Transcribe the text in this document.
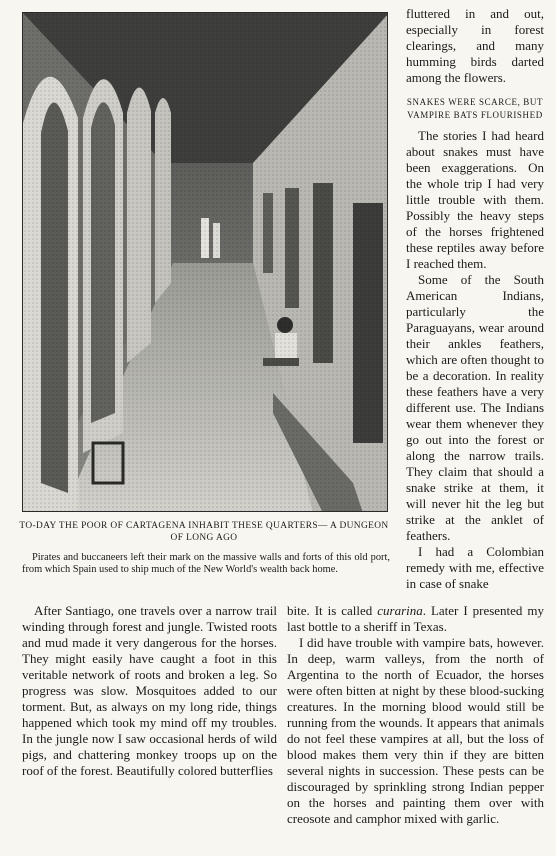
TO-DAY THE POOR OF CARTAGENA INHABIT THESE QUARTERS— A DUNGEON OF LONG AGO

Pirates and buccaneers left their mark on the massive walls and forts of this old port, from which Spain used to ship much of the New World's wealth back home.

fluttered in and out, especially in forest clearings, and many humming birds darted among the flowers.

SNAKES WERE SCARCE, BUT VAMPIRE BATS FLOURISHED

The stories I had heard about snakes must have been exaggerations. On the whole trip I had very little trouble with them. Possibly the heavy steps of the horses frightened these reptiles away before I reached them.

Some of the South American Indians, particularly the Paraguayans, wear around their ankles feathers, which are often thought to be a decoration. In reality these feathers have a very different use. The Indians wear them whenever they go out into the forest or along the narrow trails. They claim that should a snake strike at them, it will never hit the leg but strike at the anklet of feathers.

I had a Colombian remedy with me, effective in case of snake

After Santiago, one travels over a narrow trail winding through forest and jungle. Twisted roots and mud made it very dangerous for the horses. They might easily have caught a foot in this veritable network of roots and broken a leg. So progress was slow. Mosquitoes added to our torment. But, as always on my long ride, things happened which took my mind off my troubles. In the jungle now I saw occasional herds of wild pigs, and chattering monkey troops up on the roof of the forest. Beautifully colored butterflies

bite. It is called curarina. Later I presented my last bottle to a sheriff in Texas.

I did have trouble with vampire bats, however. In deep, warm valleys, from the north of Argentina to the north of Ecuador, the horses were often bitten at night by these blood-sucking creatures. In the morning blood would still be running from the wounds. It appears that animals do not feel these vampires at all, but the loss of blood makes them very thin if they are bitten several nights in succession. These pests can be discouraged by sprinkling strong Indian pepper on the horses and painting them over with creosote and camphor mixed with garlic.
